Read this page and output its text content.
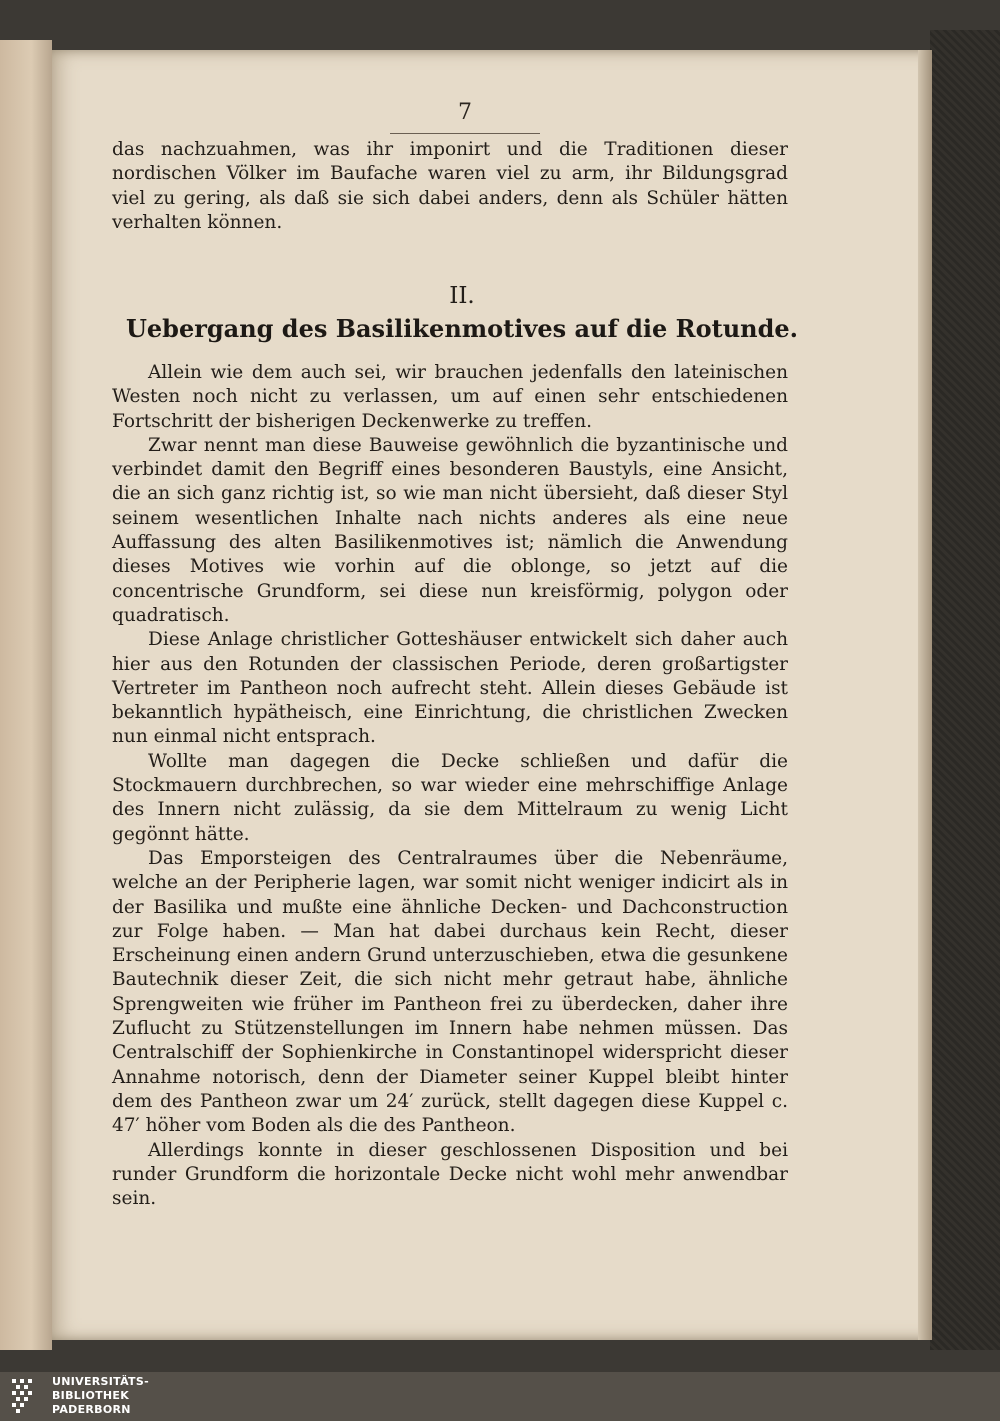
7

das nachzuahmen, was ihr imponirt und die Traditionen dieser nordischen Völker im Baufache waren viel zu arm, ihr Bildungsgrad viel zu gering, als daß sie sich dabei anders, denn als Schüler hätten verhalten können.

II.
Uebergang des Basilikenmotives auf die Rotunde.

Allein wie dem auch sei, wir brauchen jedenfalls den lateinischen Westen noch nicht zu verlassen, um auf einen sehr entschiedenen Fortschritt der bisherigen Deckenwerke zu treffen.

Zwar nennt man diese Bauweise gewöhnlich die byzantinische und verbindet damit den Begriff eines besonderen Baustyls, eine Ansicht, die an sich ganz richtig ist, so wie man nicht übersieht, daß dieser Styl seinem wesentlichen Inhalte nach nichts anderes als eine neue Auffassung des alten Basilikenmotives ist; nämlich die Anwendung dieses Motives wie vorhin auf die oblonge, so jetzt auf die concentrische Grundform, sei diese nun kreisförmig, polygon oder quadratisch.

Diese Anlage christlicher Gotteshäuser entwickelt sich daher auch hier aus den Rotunden der classischen Periode, deren großartigster Vertreter im Pantheon noch aufrecht steht. Allein dieses Gebäude ist bekanntlich hypätheisch, eine Einrichtung, die christlichen Zwecken nun einmal nicht entsprach.

Wollte man dagegen die Decke schließen und dafür die Stockmauern durchbrechen, so war wieder eine mehrschiffige Anlage des Innern nicht zulässig, da sie dem Mittelraum zu wenig Licht gegönnt hätte.

Das Emporsteigen des Centralraumes über die Nebenräume, welche an der Peripherie lagen, war somit nicht weniger indicirt als in der Basilika und mußte eine ähnliche Decken- und Dachconstruction zur Folge haben. — Man hat dabei durchaus kein Recht, dieser Erscheinung einen andern Grund unterzuschieben, etwa die gesunkene Bautechnik dieser Zeit, die sich nicht mehr getraut habe, ähnliche Sprengweiten wie früher im Pantheon frei zu überdecken, daher ihre Zuflucht zu Stützenstellungen im Innern habe nehmen müssen. Das Centralschiff der Sophienkirche in Constantinopel widerspricht dieser Annahme notorisch, denn der Diameter seiner Kuppel bleibt hinter dem des Pantheon zwar um 24′ zurück, stellt dagegen diese Kuppel c. 47′ höher vom Boden als die des Pantheon.

Allerdings konnte in dieser geschlossenen Disposition und bei runder Grundform die horizontale Decke nicht wohl mehr anwendbar sein.

UNIVERSITÄTS-
BIBLIOTHEK
PADERBORN
